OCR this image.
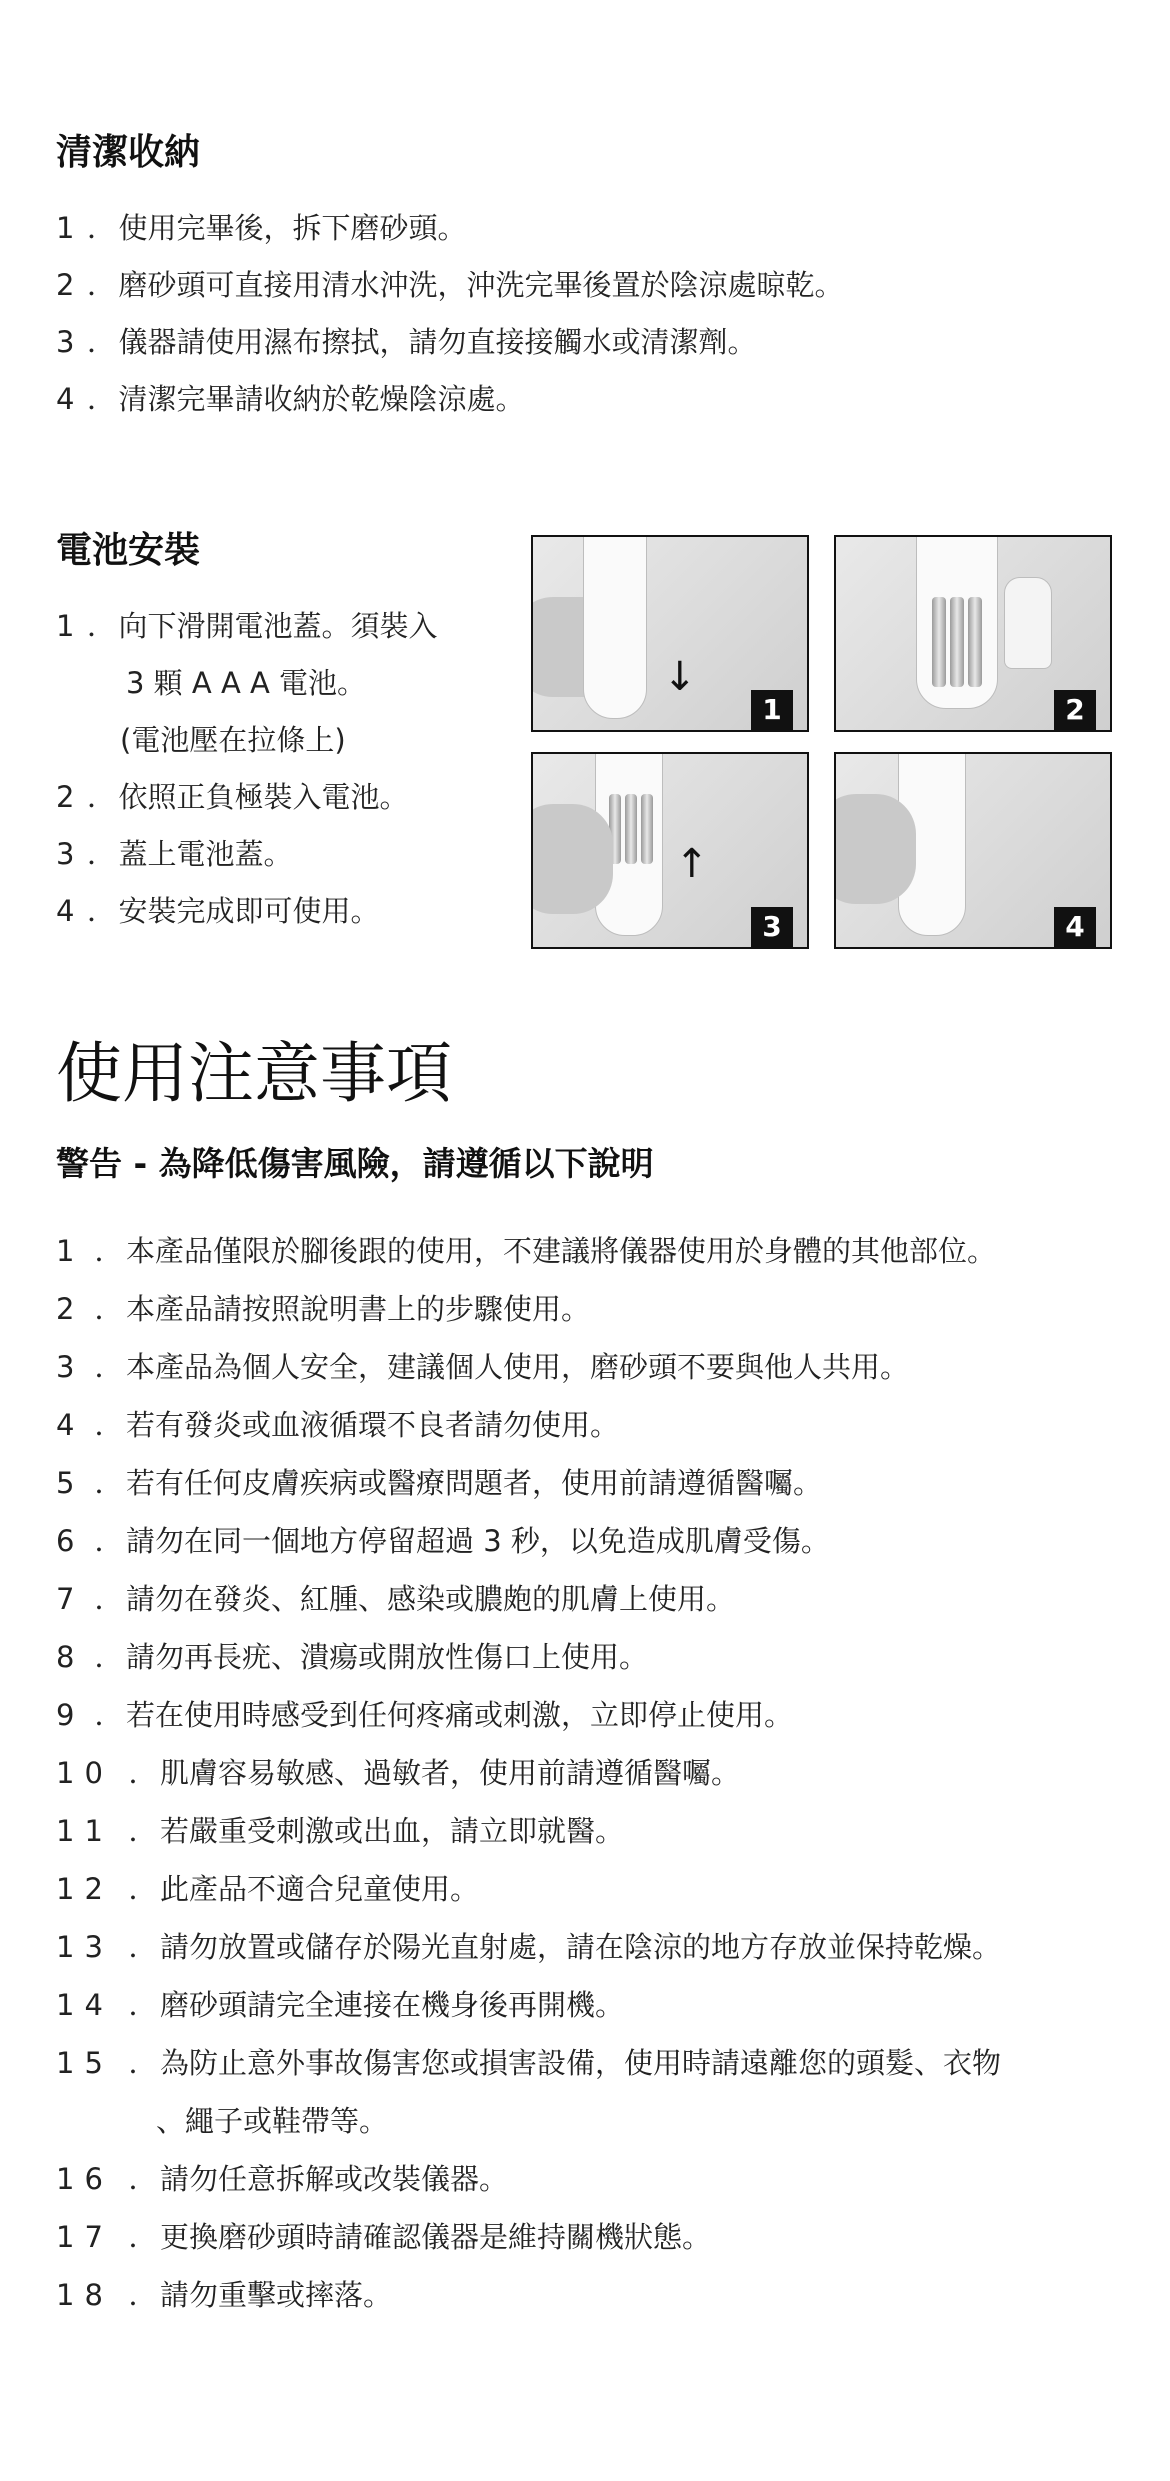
清潔收納
1 ． 使用完畢後，拆下磨砂頭。
2 ． 磨砂頭可直接用清水沖洗，沖洗完畢後置於陰涼處晾乾。
3 ． 儀器請使用濕布擦拭，請勿直接接觸水或清潔劑。
4 ． 清潔完畢請收納於乾燥陰涼處。
電池安裝
1 ． 向下滑開電池蓋。須裝入
3 顆 A A A 電池。
(電池壓在拉條上)
2 ． 依照正負極裝入電池。
3 ． 蓋上電池蓋。
4 ． 安裝完成即可使用。
↓
1	2
↑
3	4
使用注意事項
警告 - 為降低傷害風險，請遵循以下說明
1 ． 本產品僅限於腳後跟的使用，不建議將儀器使用於身體的其他部位。
2 ． 本產品請按照說明書上的步驟使用。
3 ． 本產品為個人安全，建議個人使用，磨砂頭不要與他人共用。
4 ． 若有發炎或血液循環不良者請勿使用。
5 ． 若有任何皮膚疾病或醫療問題者，使用前請遵循醫囑。
6 ． 請勿在同一個地方停留超過 3 秒，以免造成肌膚受傷。
7 ． 請勿在發炎、紅腫、感染或膿皰的肌膚上使用。
8 ． 請勿再長疣、潰瘍或開放性傷口上使用。
9 ． 若在使用時感受到任何疼痛或刺激，立即停止使用。
10 ． 肌膚容易敏感、過敏者，使用前請遵循醫囑。
11 ． 若嚴重受刺激或出血，請立即就醫。
12 ． 此產品不適合兒童使用。
13 ． 請勿放置或儲存於陽光直射處，請在陰涼的地方存放並保持乾燥。
14 ． 磨砂頭請完全連接在機身後再開機。
15 ． 為防止意外事故傷害您或損害設備，使用時請遠離您的頭髮、衣物
、繩子或鞋帶等。
16 ． 請勿任意拆解或改裝儀器。
17 ． 更換磨砂頭時請確認儀器是維持關機狀態。
18 ． 請勿重擊或摔落。
